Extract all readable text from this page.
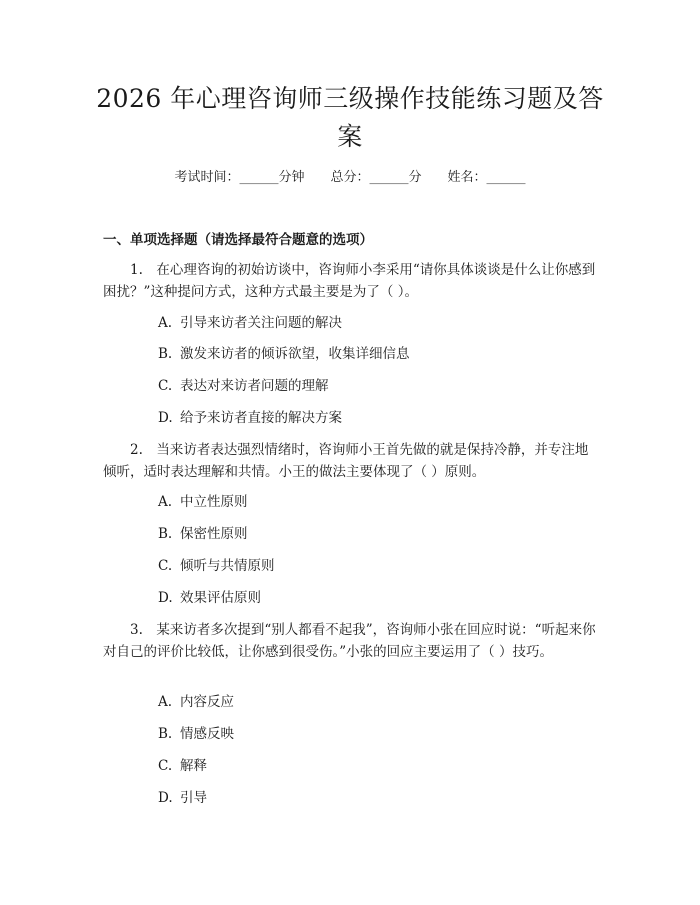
2026 年心理咨询师三级操作技能练习题及答案
考试时间：______分钟 总分：______分 姓名：______
一、单项选择题（请选择最符合题意的选项）
1.　在心理咨询的初始访谈中，咨询师小李采用“请你具体谈谈是什么让你感到困扰？”这种提问方式，这种方式最主要是为了（ ）。
A. 引导来访者关注问题的解决
B. 激发来访者的倾诉欲望，收集详细信息
C. 表达对来访者问题的理解
D. 给予来访者直接的解决方案
2.　当来访者表达强烈情绪时，咨询师小王首先做的就是保持冷静，并专注地倾听，适时表达理解和共情。小王的做法主要体现了（ ）原则。
A. 中立性原则
B. 保密性原则
C. 倾听与共情原则
D. 效果评估原则
3.　某来访者多次提到“别人都看不起我”，咨询师小张在回应时说：“听起来你对自己的评价比较低，让你感到很受伤。”小张的回应主要运用了（ ）技巧。
A. 内容反应
B. 情感反映
C. 解释
D. 引导
